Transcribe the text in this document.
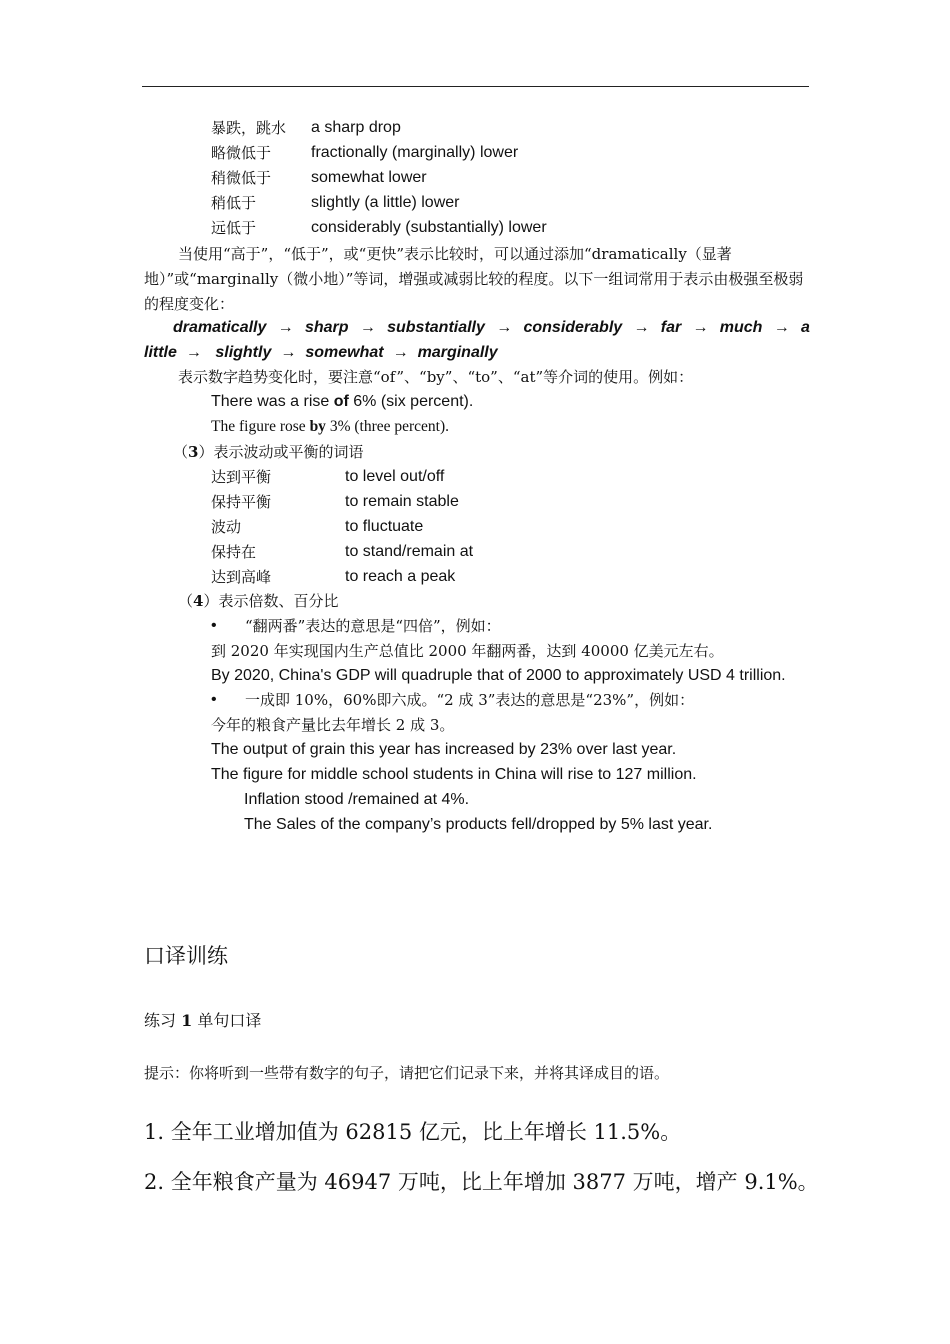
暴跌，跳水 a sharp drop
略微低于 fractionally (marginally) lower
稍微低于 somewhat lower
稍低于	slightly (a little) lower
远低于	considerably (substantially) lower
当使用“高于”，“低于”，或“更快”表示比较时，可以通过添加“dramatically（显著地）”或“marginally（微小地）”等词，增强或减弱比较的程度。以下一组词常用于表示由极强至极弱的程度变化：
dramatically → sharp → substantially → considerably → far → much → a
little → slightly → somewhat → marginally
表示数字趋势变化时，要注意“of”、“by”、“to”、“at”等介词的使用。例如：
There was a rise of 6% (six percent).
The figure rose by 3% (three percent).
（3）表示波动或平衡的词语
达到平衡	to level out/off
保持平衡	to remain stable
波动	to fluctuate
保持在	to stand/remain at
达到高峰	to reach a peak
（4）表示倍数、百分比
• “翻两番”表达的意思是“四倍”，例如：
到 2020 年实现国内生产总值比 2000 年翻两番，达到 40000 亿美元左右。
By 2020, China's GDP will quadruple that of 2000 to approximately USD 4 trillion.
• 一成即 10%，60%即六成。“2 成 3”表达的意思是“23%”，例如：
今年的粮食产量比去年增长 2 成 3。
The output of grain this year has increased by 23% over last year.
The figure for middle school students in China will rise to 127 million.
Inflation stood /remained at 4%.
The Sales of the company’s products fell/dropped by 5% last year.
口译训练
练习 1 单句口译
提示：你将听到一些带有数字的句子，请把它们记录下来，并将其译成目的语。
1. 全年工业增加值为 62815 亿元，比上年增长 11.5%。
2. 全年粮食产量为 46947 万吨，比上年增加 3877 万吨，增产 9.1%。
